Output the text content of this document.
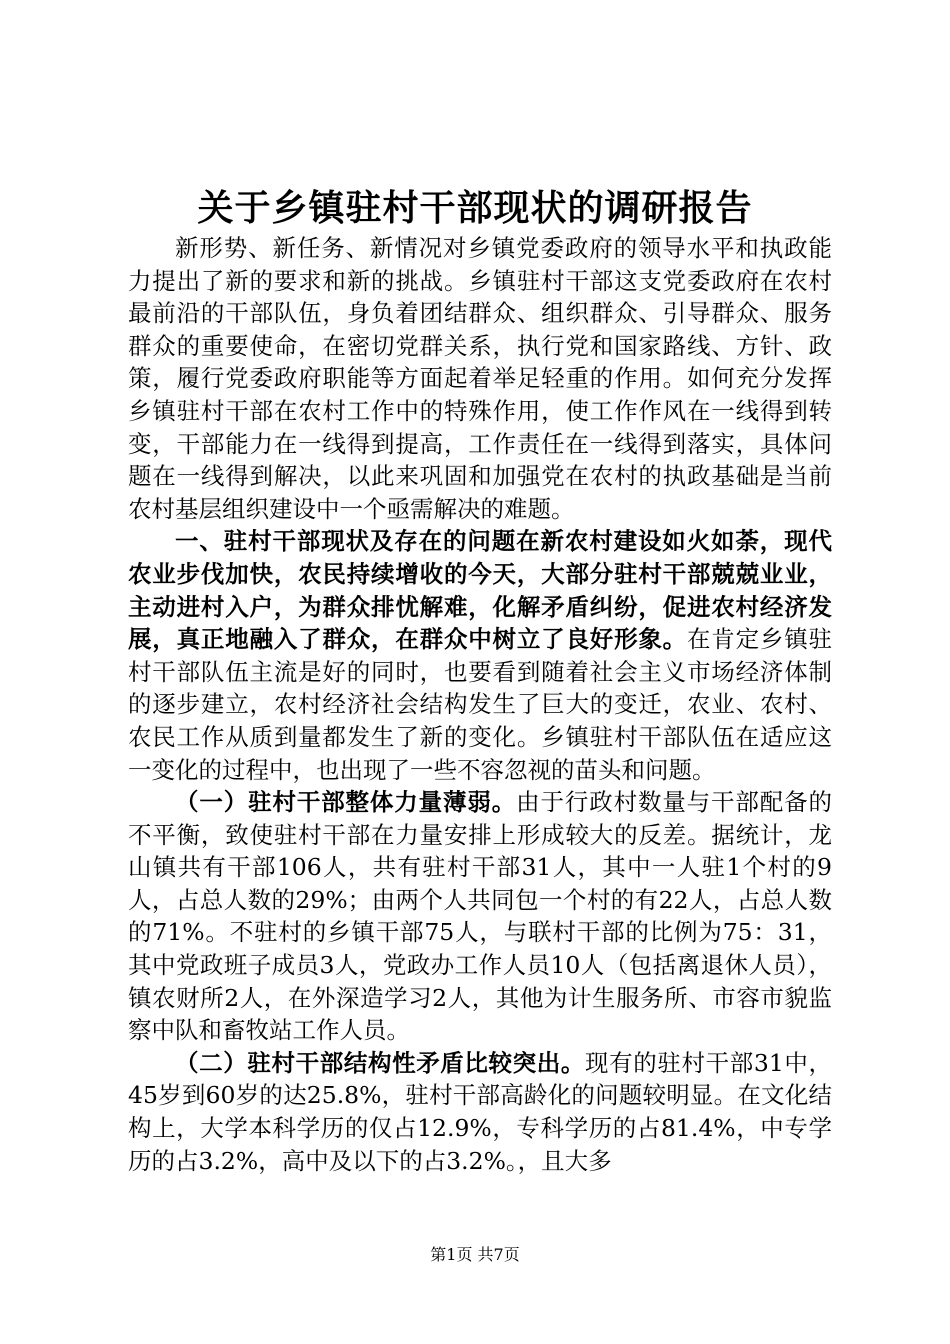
关于乡镇驻村干部现状的调研报告

新形势、新任务、新情况对乡镇党委政府的领导水平和执政能力提出了新的要求和新的挑战。乡镇驻村干部这支党委政府在农村最前沿的干部队伍，身负着团结群众、组织群众、引导群众、服务群众的重要使命，在密切党群关系，执行党和国家路线、方针、政策，履行党委政府职能等方面起着举足轻重的作用。如何充分发挥乡镇驻村干部在农村工作中的特殊作用，使工作作风在一线得到转变，干部能力在一线得到提高，工作责任在一线得到落实，具体问题在一线得到解决，以此来巩固和加强党在农村的执政基础是当前农村基层组织建设中一个亟需解决的难题。

一、驻村干部现状及存在的问题在新农村建设如火如荼，现代农业步伐加快，农民持续增收的今天，大部分驻村干部兢兢业业，主动进村入户，为群众排忧解难，化解矛盾纠纷，促进农村经济发展，真正地融入了群众，在群众中树立了良好形象。在肯定乡镇驻村干部队伍主流是好的同时，也要看到随着社会主义市场经济体制的逐步建立，农村经济社会结构发生了巨大的变迁，农业、农村、农民工作从质到量都发生了新的变化。乡镇驻村干部队伍在适应这一变化的过程中，也出现了一些不容忽视的苗头和问题。

（一）驻村干部整体力量薄弱。由于行政村数量与干部配备的不平衡，致使驻村干部在力量安排上形成较大的反差。据统计，龙山镇共有干部106人，共有驻村干部31人，其中一人驻1个村的9人，占总人数的29%；由两个人共同包一个村的有22人，占总人数的71%。不驻村的乡镇干部75人，与联村干部的比例为75：31，其中党政班子成员3人，党政办工作人员10人（包括离退休人员），镇农财所2人，在外深造学习2人，其他为计生服务所、市容市貌监察中队和畜牧站工作人员。

（二）驻村干部结构性矛盾比较突出。现有的驻村干部31中，45岁到60岁的达25.8%，驻村干部高龄化的问题较明显。在文化结构上，大学本科学历的仅占12.9%，专科学历的占81.4%，中专学历的占3.2%，高中及以下的占3.2%。，且大多

第1页 共7页
